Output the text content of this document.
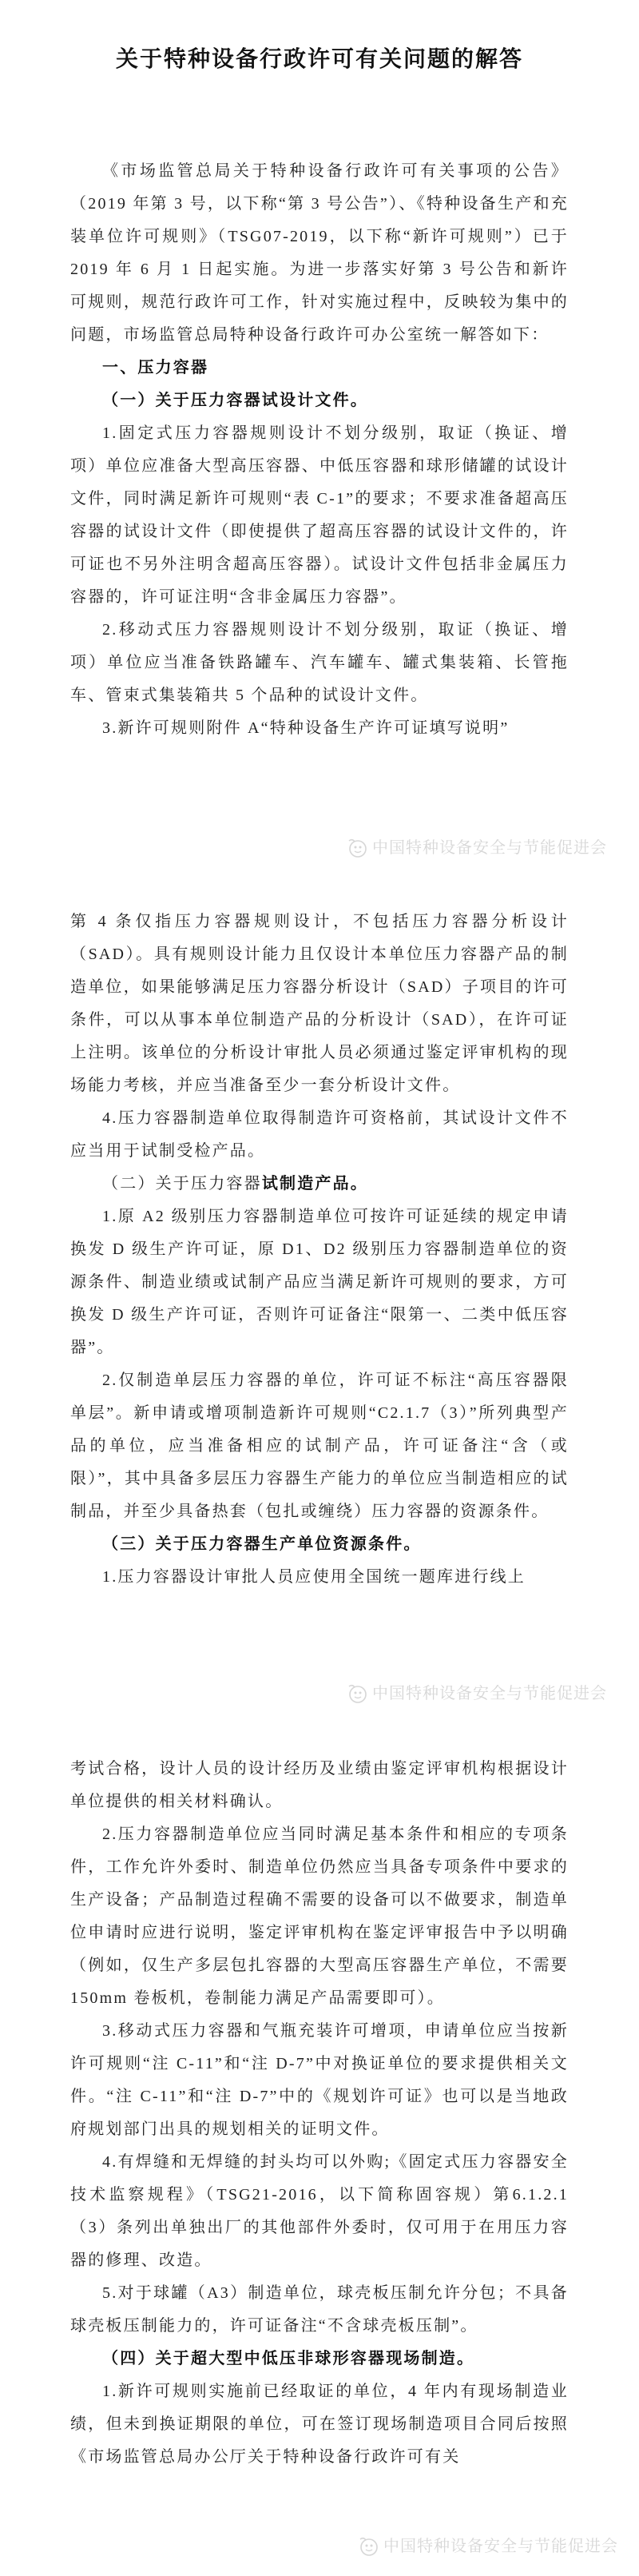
关于特种设备行政许可有关问题的解答

《市场监管总局关于特种设备行政许可有关事项的公告》（2019 年第 3 号，以下称“第 3 号公告”）、《特种设备生产和充装单位许可规则》（TSG07-2019，以下称“新许可规则”）已于 2019 年 6 月 1 日起实施。为进一步落实好第 3 号公告和新许可规则，规范行政许可工作，针对实施过程中，反映较为集中的问题，市场监管总局特种设备行政许可办公室统一解答如下：

一、压力容器

（一）关于压力容器试设计文件。

1.固定式压力容器规则设计不划分级别，取证（换证、增项）单位应准备大型高压容器、中低压容器和球形储罐的试设计文件，同时满足新许可规则“表 C-1”的要求；不要求准备超高压容器的试设计文件（即使提供了超高压容器的试设计文件的，许可证也不另外注明含超高压容器）。试设计文件包括非金属压力容器的，许可证注明“含非金属压力容器”。

2.移动式压力容器规则设计不划分级别，取证（换证、增项）单位应当准备铁路罐车、汽车罐车、罐式集装箱、长管拖车、管束式集装箱共 5 个品种的试设计文件。

3.新许可规则附件 A“特种设备生产许可证填写说明”

中国特种设备安全与节能促进会

第 4 条仅指压力容器规则设计，不包括压力容器分析设计（SAD）。具有规则设计能力且仅设计本单位压力容器产品的制造单位，如果能够满足压力容器分析设计（SAD）子项目的许可条件，可以从事本单位制造产品的分析设计（SAD），在许可证上注明。该单位的分析设计审批人员必须通过鉴定评审机构的现场能力考核，并应当准备至少一套分析设计文件。

4.压力容器制造单位取得制造许可资格前，其试设计文件不应当用于试制受检产品。

（二）关于压力容器试制造产品。

1.原 A2 级别压力容器制造单位可按许可证延续的规定申请换发 D 级生产许可证，原 D1、D2 级别压力容器制造单位的资源条件、制造业绩或试制产品应当满足新许可规则的要求，方可换发 D 级生产许可证，否则许可证备注“限第一、二类中低压容器”。

2.仅制造单层压力容器的单位，许可证不标注“高压容器限单层”。新申请或增项制造新许可规则“C2.1.7（3）”所列典型产品的单位，应当准备相应的试制产品，许可证备注“含（或限）”，其中具备多层压力容器生产能力的单位应当制造相应的试制品，并至少具备热套（包扎或缠绕）压力容器的资源条件。

（三）关于压力容器生产单位资源条件。

1.压力容器设计审批人员应使用全国统一题库进行线上

中国特种设备安全与节能促进会

考试合格，设计人员的设计经历及业绩由鉴定评审机构根据设计单位提供的相关材料确认。

2.压力容器制造单位应当同时满足基本条件和相应的专项条件，工作允许外委时、制造单位仍然应当具备专项条件中要求的生产设备；产品制造过程确不需要的设备可以不做要求，制造单位申请时应进行说明，鉴定评审机构在鉴定评审报告中予以明确（例如，仅生产多层包扎容器的大型高压容器生产单位，不需要 150mm 卷板机，卷制能力满足产品需要即可）。

3.移动式压力容器和气瓶充装许可增项，申请单位应当按新许可规则“注 C-11”和“注 D-7”中对换证单位的要求提供相关文件。“注 C-11”和“注 D-7”中的《规划许可证》也可以是当地政府规划部门出具的规划相关的证明文件。

4.有焊缝和无焊缝的封头均可以外购;《固定式压力容器安全技术监察规程》（TSG21-2016，以下简称固容规）第6.1.2.1（3）条列出单独出厂的其他部件外委时，仅可用于在用压力容器的修理、改造。

5.对于球罐（A3）制造单位，球壳板压制允许分包；不具备球壳板压制能力的，许可证备注“不含球壳板压制”。

（四）关于超大型中低压非球形容器现场制造。

1.新许可规则实施前已经取证的单位，4 年内有现场制造业绩，但未到换证期限的单位，可在签订现场制造项目合同后按照《市场监管总局办公厅关于特种设备行政许可有关

中国特种设备安全与节能促进会
